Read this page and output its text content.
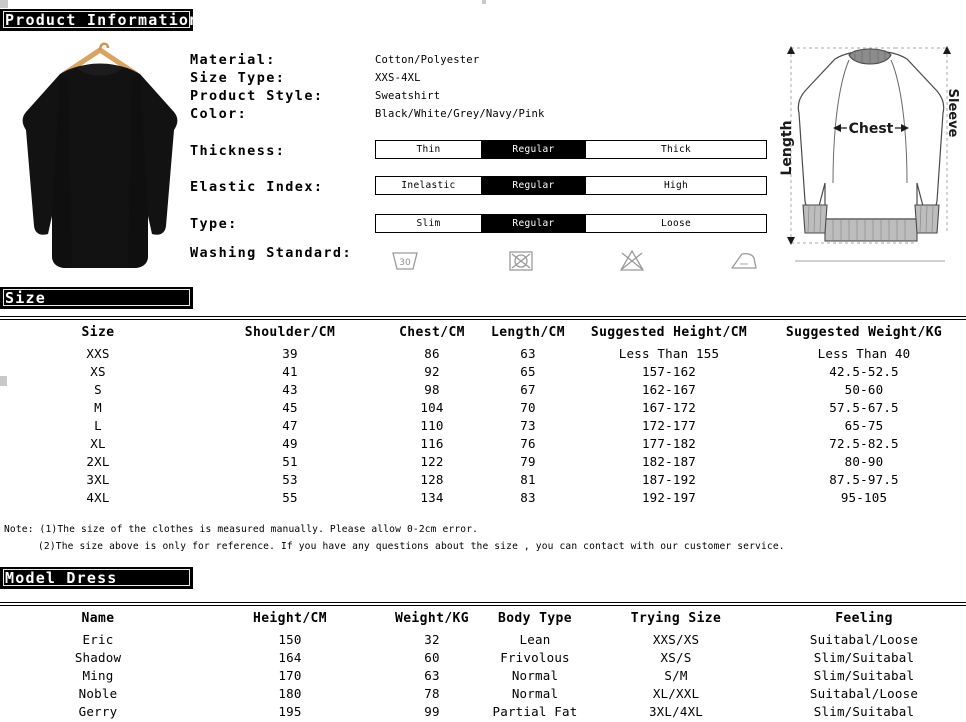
Product Information
Material:	Cotton/Polyester
Size Type:	XXS-4XL
Product Style:	Sweatshirt
Color:	Black/White/Grey/Navy/Pink
Thickness:	Thin	Regular	Thick
Elastic Index:	Inelastic	Regular	High
Type:	Slim	Regular	Loose
Washing Standard:
30
Chest
Length
Sleeve
Size
Size	Shoulder/CM	Chest/CM	Length/CM	Suggested Height/CM	Suggested Weight/KG
XXS	39	86	63	Less Than 155	Less Than 40
XS	41	92	65	157-162	42.5-52.5
S	43	98	67	162-167	50-60
M	45	104	70	167-172	57.5-67.5
L	47	110	73	172-177	65-75
XL	49	116	76	177-182	72.5-82.5
2XL	51	122	79	182-187	80-90
3XL	53	128	81	187-192	87.5-97.5
4XL	55	134	83	192-197	95-105
Note: (1)The size of the clothes is measured manually. Please allow 0-2cm error.
(2)The size above is only for reference. If you have any questions about the size , you can contact with our customer service.
Model Dress
Name	Height/CM	Weight/KG	Body Type	Trying Size	Feeling
Eric	150	32	Lean	XXS/XS	Suitabal/Loose
Shadow	164	60	Frivolous	XS/S	Slim/Suitabal
Ming	170	63	Normal	S/M	Slim/Suitabal
Noble	180	78	Normal	XL/XXL	Suitabal/Loose
Gerry	195	99	Partial Fat	3XL/4XL	Slim/Suitabal
